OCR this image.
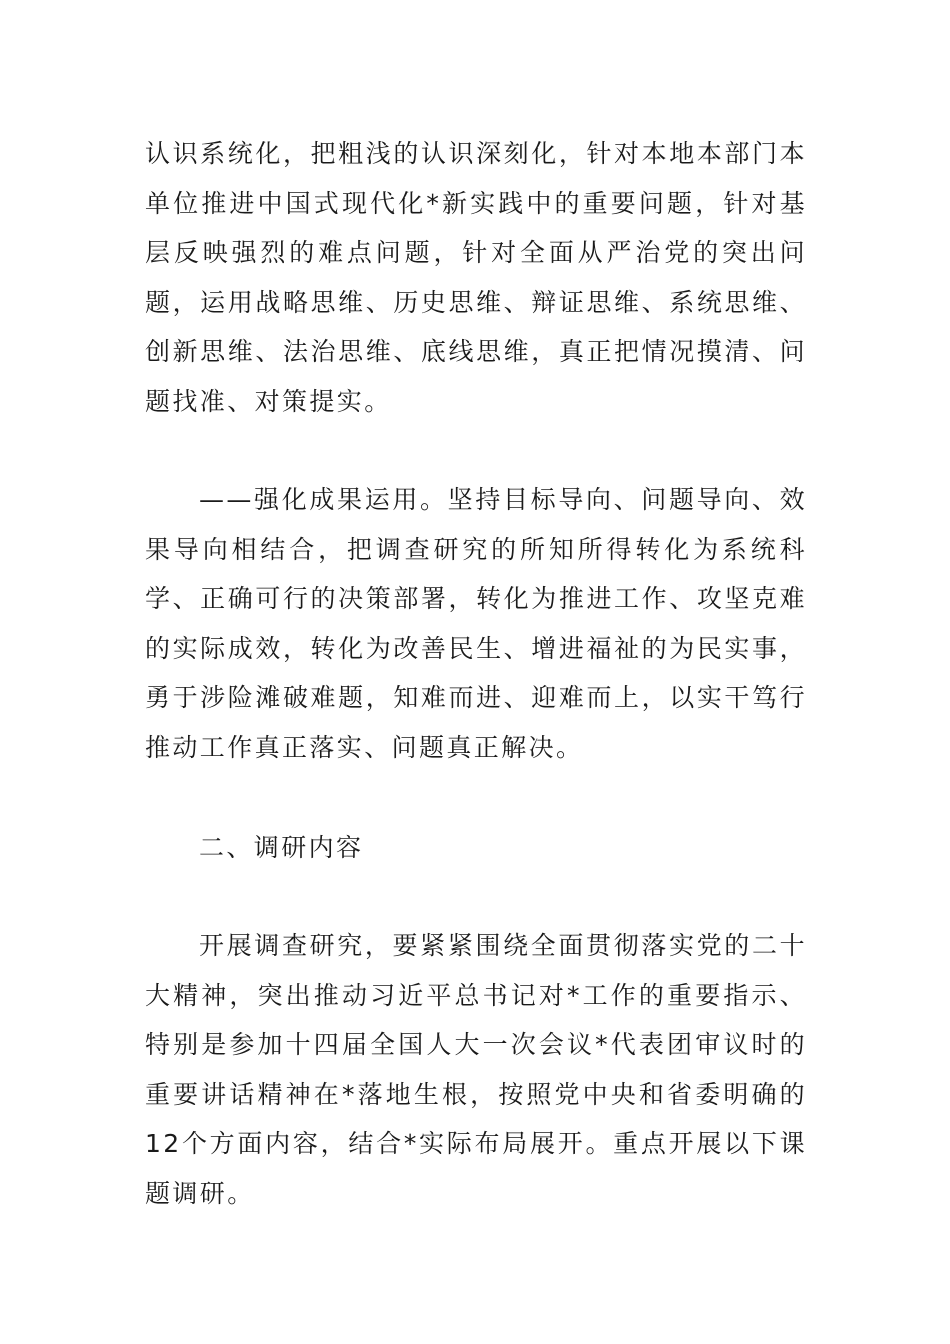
认识系统化，把粗浅的认识深刻化，针对本地本部门本单位推进中国式现代化*新实践中的重要问题，针对基层反映强烈的难点问题，针对全面从严治党的突出问题，运用战略思维、历史思维、辩证思维、系统思维、创新思维、法治思维、底线思维，真正把情况摸清、问题找准、对策提实。

——强化成果运用。坚持目标导向、问题导向、效果导向相结合，把调查研究的所知所得转化为系统科学、正确可行的决策部署，转化为推进工作、攻坚克难的实际成效，转化为改善民生、增进福祉的为民实事，勇于涉险滩破难题，知难而进、迎难而上，以实干笃行推动工作真正落实、问题真正解决。

二、调研内容

开展调查研究，要紧紧围绕全面贯彻落实党的二十大精神，突出推动习近平总书记对*工作的重要指示、特别是参加十四届全国人大一次会议*代表团审议时的重要讲话精神在*落地生根，按照党中央和省委明确的12个方面内容，结合*实际布局展开。重点开展以下课题调研。
